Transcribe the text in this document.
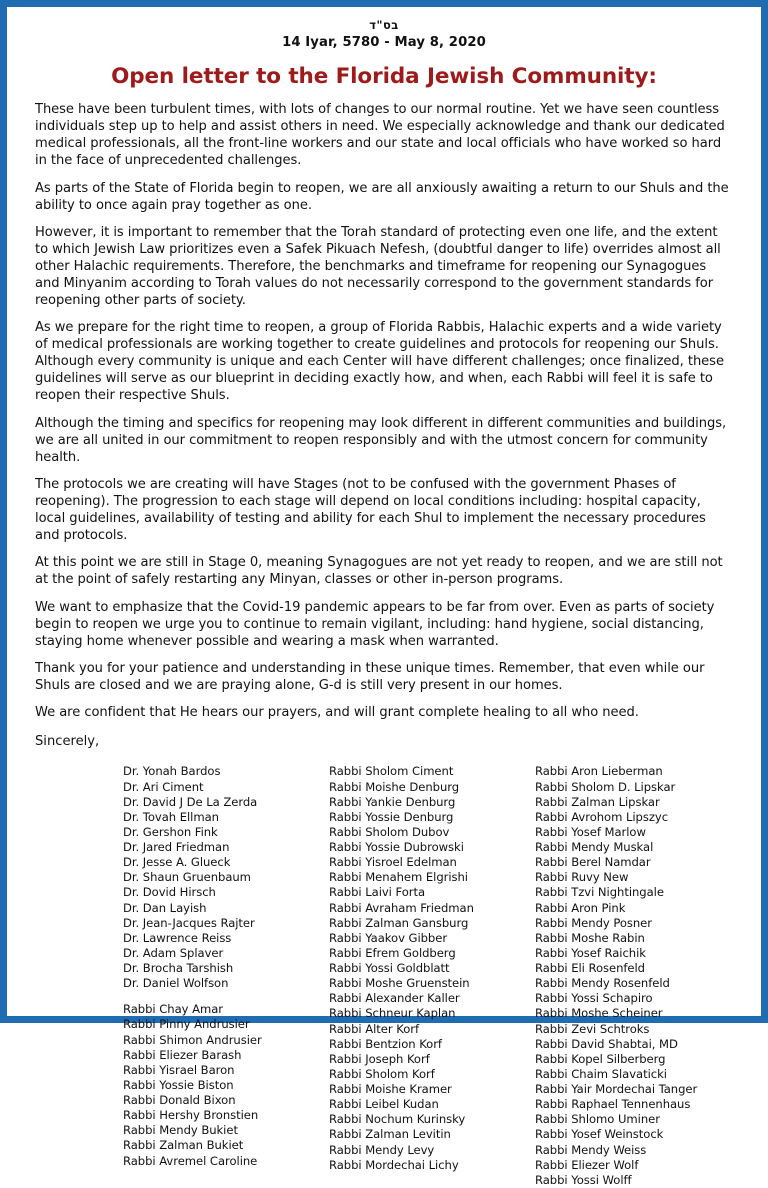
בס"ד
14 Iyar, 5780 - May 8, 2020
Open letter to the Florida Jewish Community:

These have been turbulent times, with lots of changes to our normal routine. Yet we have seen countless individuals step up to help and assist others in need. We especially acknowledge and thank our dedicated medical professionals, all the front-line workers and our state and local officials who have worked so hard in the face of unprecedented challenges.

As parts of the State of Florida begin to reopen, we are all anxiously awaiting a return to our Shuls and the ability to once again pray together as one.

However, it is important to remember that the Torah standard of protecting even one life, and the extent to which Jewish Law prioritizes even a Safek Pikuach Nefesh, (doubtful danger to life) overrides almost all other Halachic requirements. Therefore, the benchmarks and timeframe for reopening our Synagogues and Minyanim according to Torah values do not necessarily correspond to the government standards for reopening other parts of society.

As we prepare for the right time to reopen, a group of Florida Rabbis, Halachic experts and a wide variety of medical professionals are working together to create guidelines and protocols for reopening our Shuls. Although every community is unique and each Center will have different challenges; once finalized, these guidelines will serve as our blueprint in deciding exactly how, and when, each Rabbi will feel it is safe to reopen their respective Shuls.

Although the timing and specifics for reopening may look different in different communities and buildings, we are all united in our commitment to reopen responsibly and with the utmost concern for community health.

The protocols we are creating will have Stages (not to be confused with the government Phases of reopening). The progression to each stage will depend on local conditions including: hospital capacity, local guidelines, availability of testing and ability for each Shul to implement the necessary procedures and protocols.

At this point we are still in Stage 0, meaning Synagogues are not yet ready to reopen, and we are still not at the point of safely restarting any Minyan, classes or other in-person programs.

We want to emphasize that the Covid-19 pandemic appears to be far from over. Even as parts of society begin to reopen we urge you to continue to remain vigilant, including: hand hygiene, social distancing, staying home whenever possible and wearing a mask when warranted.

Thank you for your patience and understanding in these unique times. Remember, that even while our Shuls are closed and we are praying alone, G-d is still very present in our homes.

We are confident that He hears our prayers, and will grant complete healing to all who need.

Sincerely,
Dr. Yonah Bardos
Dr. Ari Ciment
Dr. David J De La Zerda
Dr. Tovah Ellman
Dr. Gershon Fink
Dr. Jared Friedman
Dr. Jesse A. Glueck
Dr. Shaun Gruenbaum
Dr. Dovid Hirsch
Dr. Dan Layish
Dr. Jean-Jacques Rajter
Dr. Lawrence Reiss
Dr. Adam Splaver
Dr. Brocha Tarshish
Dr. Daniel Wolfson
Rabbi Chay Amar
Rabbi Pinny Andrusier
Rabbi Shimon Andrusier
Rabbi Eliezer Barash
Rabbi Yisrael Baron
Rabbi Yossie Biston
Rabbi Donald Bixon
Rabbi Hershy Bronstien
Rabbi Mendy Bukiet
Rabbi Zalman Bukiet
Rabbi Avremel Caroline
Rabbi Sholom Ciment
Rabbi Moishe Denburg
Rabbi Yankie Denburg
Rabbi Yossie Denburg
Rabbi Sholom Dubov
Rabbi Yossie Dubrowski
Rabbi Yisroel Edelman
Rabbi Menahem Elgrishi
Rabbi Laivi Forta
Rabbi Avraham Friedman
Rabbi Zalman Gansburg
Rabbi Yaakov Gibber
Rabbi Efrem Goldberg
Rabbi Yossi Goldblatt
Rabbi Moshe Gruenstein
Rabbi Alexander Kaller
Rabbi Schneur Kaplan
Rabbi Alter Korf
Rabbi Bentzion Korf
Rabbi Joseph Korf
Rabbi Sholom Korf
Rabbi Moishe Kramer
Rabbi Leibel Kudan
Rabbi Nochum Kurinsky
Rabbi Zalman Levitin
Rabbi Mendy Levy
Rabbi Mordechai Lichy
Rabbi Aron Lieberman
Rabbi Sholom D. Lipskar
Rabbi Zalman Lipskar
Rabbi Avrohom Lipszyc
Rabbi Yosef Marlow
Rabbi Mendy Muskal
Rabbi Berel Namdar
Rabbi Ruvy New
Rabbi Tzvi Nightingale
Rabbi Aron Pink
Rabbi Mendy Posner
Rabbi Moshe Rabin
Rabbi Yosef Raichik
Rabbi Eli Rosenfeld
Rabbi Mendy Rosenfeld
Rabbi Yossi Schapiro
Rabbi Moshe Scheiner
Rabbi Zevi Schtroks
Rabbi David Shabtai, MD
Rabbi Kopel Silberberg
Rabbi Chaim Slavaticki
Rabbi Yair Mordechai Tanger
Rabbi Raphael Tennenhaus
Rabbi Shlomo Uminer
Rabbi Yosef Weinstock
Rabbi Mendy Weiss
Rabbi Eliezer Wolf
Rabbi Yossi Wolff
